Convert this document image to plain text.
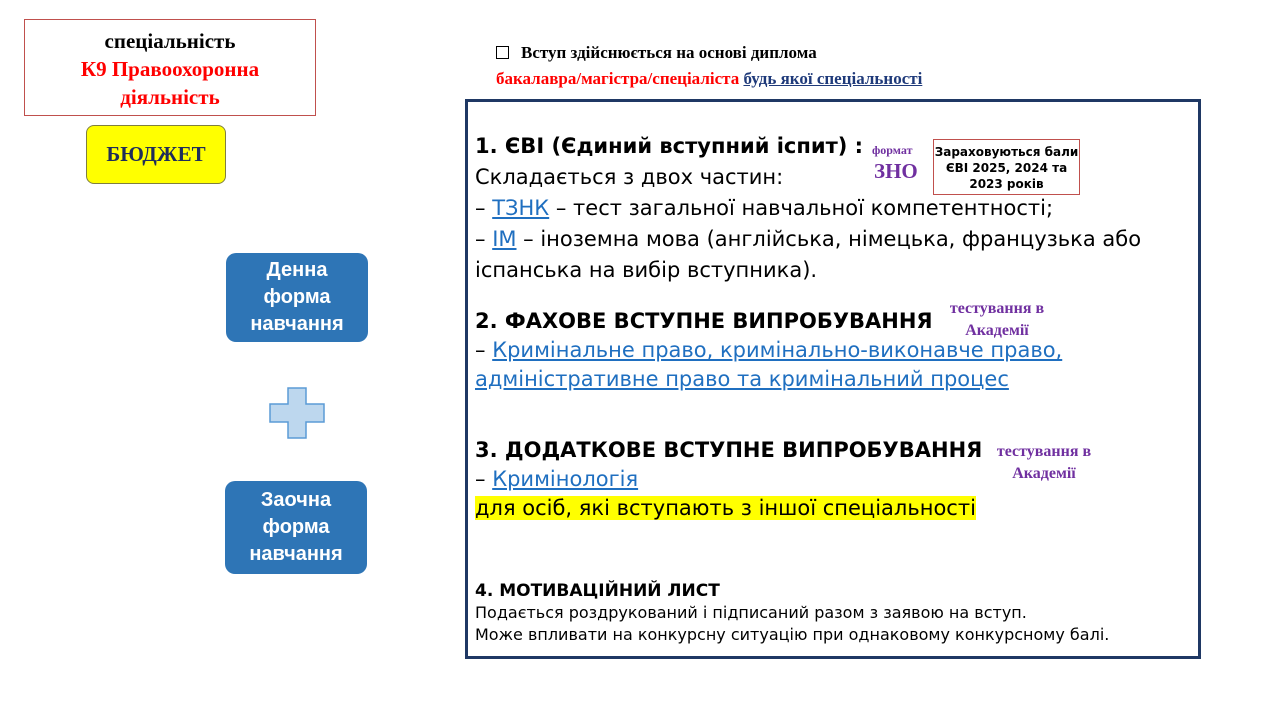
спеціальність
К9 Правоохоронна
діяльність
БЮДЖЕТ
Денна
форма
навчання
Заочна
форма
навчання
Вступ здійснюється на основі диплома
бакалавра/магістра/спеціаліста будь якої спеціальності
1. ЄВІ (Єдиний вступний іспит) :
Складається з двох частин:
– ТЗНК – тест загальної навчальної компетентності;
– ІМ – іноземна мова (англійська, німецька, французька або іспанська на вибір вступника).
формат
ЗНО
Зараховуються бали ЄВІ 2025, 2024 та 2023 років
2. ФАХОВЕ ВСТУПНЕ ВИПРОБУВАННЯ
– Кримінальне право, кримінально-виконавче право, адміністративне право та кримінальний процес
тестування в Академії
3. ДОДАТКОВЕ ВСТУПНЕ ВИПРОБУВАННЯ
– Кримінологія
для осіб, які вступають з іншої спеціальності
тестування в Академії
4. МОТИВАЦІЙНИЙ ЛИСТ
Подається роздрукований і підписаний разом з заявою на вступ.
Може впливати на конкурсну ситуацію при однаковому конкурсному балі.
